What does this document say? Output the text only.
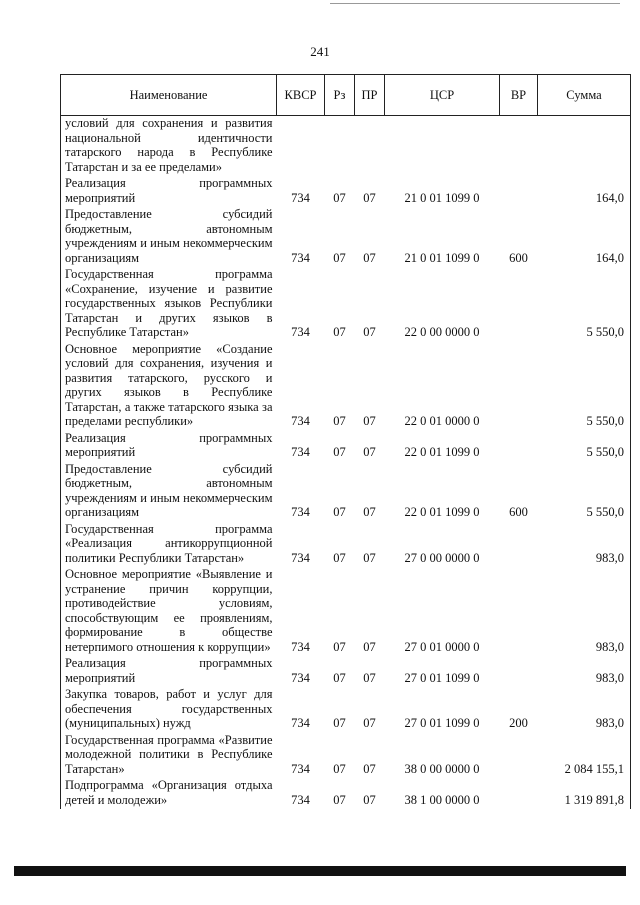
241
Наименование	КВСР	Рз	ПР	ЦСР	ВР	Сумма
условий для сохранения и развития национальной идентичности татарского народа в Республике Татарстан и за ее пределами»						
Реализация программных мероприятий	734	07	07	21 0 01 1099 0		164,0
Предоставление субсидий бюджетным, автономным учреждениям и иным некоммерческим организациям	734	07	07	21 0 01 1099 0	600	164,0
Государственная программа «Сохранение, изучение и развитие государственных языков Республики Татарстан и других языков в Республике Татарстан»	734	07	07	22 0 00 0000 0		5 550,0
Основное мероприятие «Создание условий для сохранения, изучения и развития татарского, русского и других языков в Республике Татарстан, а также татарского языка за пределами республики»	734	07	07	22 0 01 0000 0		5 550,0
Реализация программных мероприятий	734	07	07	22 0 01 1099 0		5 550,0
Предоставление субсидий бюджетным, автономным учреждениям и иным некоммерческим организациям	734	07	07	22 0 01 1099 0	600	5 550,0
Государственная программа «Реализация антикоррупционной политики Республики Татарстан»	734	07	07	27 0 00 0000 0		983,0
Основное мероприятие «Выявление и устранение причин коррупции, противодействие условиям, способствующим ее проявлениям, формирование в обществе нетерпимого отношения к коррупции»	734	07	07	27 0 01 0000 0		983,0
Реализация программных мероприятий	734	07	07	27 0 01 1099 0		983,0
Закупка товаров, работ и услуг для обеспечения государственных (муниципальных) нужд	734	07	07	27 0 01 1099 0	200	983,0
Государственная программа «Развитие молодежной политики в Республике Татарстан»	734	07	07	38 0 00 0000 0		2 084 155,1
Подпрограмма «Организация отдыха детей и молодежи»	734	07	07	38 1 00 0000 0		1 319 891,8
